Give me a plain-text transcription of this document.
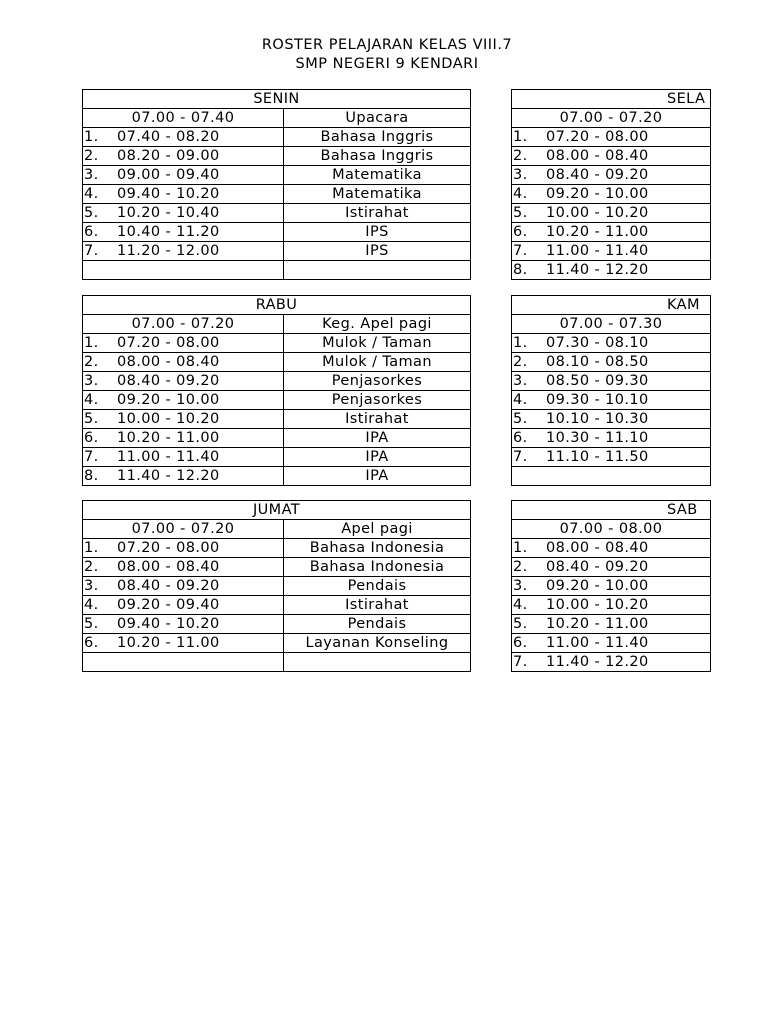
ROSTER PELAJARAN KELAS VIII.7
SMP NEGERI 9 KENDARI
SENIN	
07.00 - 07.40	Upacara
1. 07.40 - 08.20	Bahasa Inggris
2. 08.20 - 09.00	Bahasa Inggris
3. 09.00 - 09.40	Matematika
4. 09.40 - 10.20	Matematika
5. 10.20 - 10.40	Istirahat
6. 10.40 - 11.20	IPS
7. 11.20 - 12.00	IPS

RABU	
07.00 - 07.20	Keg. Apel pagi
1. 07.20 - 08.00	Mulok / Taman
2. 08.00 - 08.40	Mulok / Taman
3. 08.40 - 09.20	Penjasorkes
4. 09.20 - 10.00	Penjasorkes
5. 10.00 - 10.20	Istirahat
6. 10.20 - 11.00	IPA
7. 11.00 - 11.40	IPA
8. 11.40 - 12.20	IPA
JUMAT	
07.00 - 07.20	Apel pagi
1. 07.20 - 08.00	Bahasa Indonesia
2. 08.00 - 08.40	Bahasa Indonesia
3. 08.40 - 09.20	Pendais
4. 09.20 - 09.40	Istirahat
5. 09.40 - 10.20	Pendais
6. 10.20 - 11.00	Layanan Konseling

SELA
07.00 - 07.20
1. 07.20 - 08.00
2. 08.00 - 08.40
3. 08.40 - 09.20
4. 09.20 - 10.00
5. 10.00 - 10.20
6. 10.20 - 11.00
7. 11.00 - 11.40
8. 11.40 - 12.20
KAM
07.00 - 07.30
1. 07.30 - 08.10
2. 08.10 - 08.50
3. 08.50 - 09.30
4. 09.30 - 10.10
5. 10.10 - 10.30
6. 10.30 - 11.10
7. 11.10 - 11.50

SAB
07.00 - 08.00
1. 08.00 - 08.40
2. 08.40 - 09.20
3. 09.20 - 10.00
4. 10.00 - 10.20
5. 10.20 - 11.00
6. 11.00 - 11.40
7. 11.40 - 12.20
